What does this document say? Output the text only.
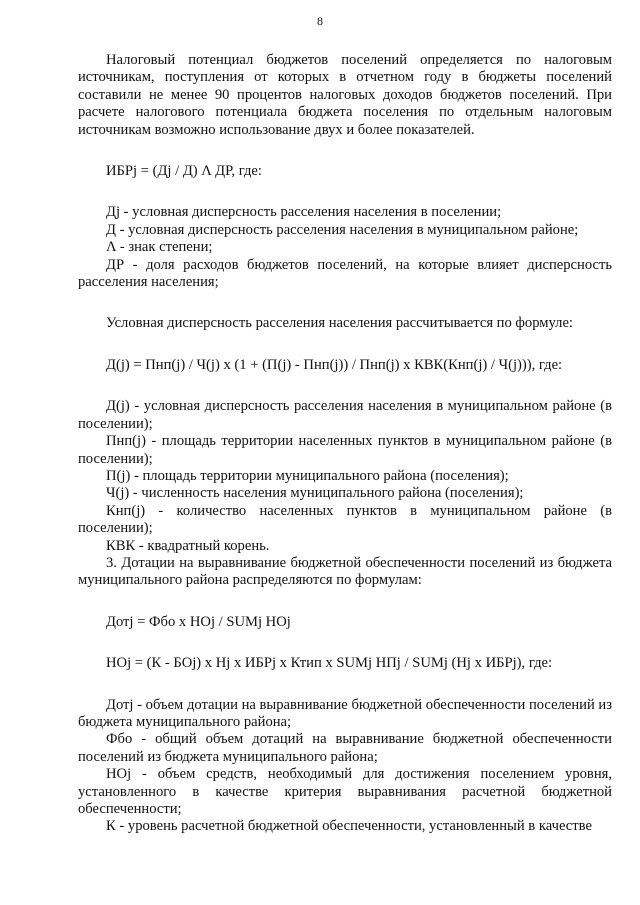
8

Налоговый потенциал бюджетов поселений определяется по налоговым источникам, поступления от которых в отчетном году в бюджеты поселений составили не менее 90 процентов налоговых доходов бюджетов поселений. При расчете налогового потенциала бюджета поселения по отдельным налоговым источникам возможно использование двух и более показателей.

ИБРj = (Дj / Д) Λ ДР, где:

Дj - условная дисперсность расселения населения в поселении;

Д - условная дисперсность расселения населения в муниципальном районе;

Λ - знак степени;

ДР - доля расходов бюджетов поселений, на которые влияет дисперсность расселения населения;

Условная дисперсность расселения населения рассчитывается по формуле:

Д(j) = Пнп(j) / Ч(j) x (1 + (П(j) - Пнп(j)) / Пнп(j) x КВК(Кнп(j) / Ч(j))), где:

Д(j) - условная дисперсность расселения населения в муниципальном районе (в поселении);

Пнп(j) - площадь территории населенных пунктов в муниципальном районе (в поселении);

П(j) - площадь территории муниципального района (поселения);

Ч(j) - численность населения муниципального района (поселения);

Кнп(j) - количество населенных пунктов в муниципальном районе (в поселении);

КВК - квадратный корень.

3. Дотации на выравнивание бюджетной обеспеченности поселений из бюджета муниципального района распределяются по формулам:

Дотj = Фбо x НОj / SUMj НОj

НОj = (К - БОj) x Нj x ИБРj x Ктип x SUMj НПj / SUMj (Нj x ИБРj), где:

Дотj - объем дотации на выравнивание бюджетной обеспеченности поселений из бюджета муниципального района;

Фбо - общий объем дотаций на выравнивание бюджетной обеспеченности поселений из бюджета муниципального района;

НОj - объем средств, необходимый для достижения поселением уровня, установленного в качестве критерия выравнивания расчетной бюджетной обеспеченности;

К - уровень расчетной бюджетной обеспеченности, установленный в качестве
